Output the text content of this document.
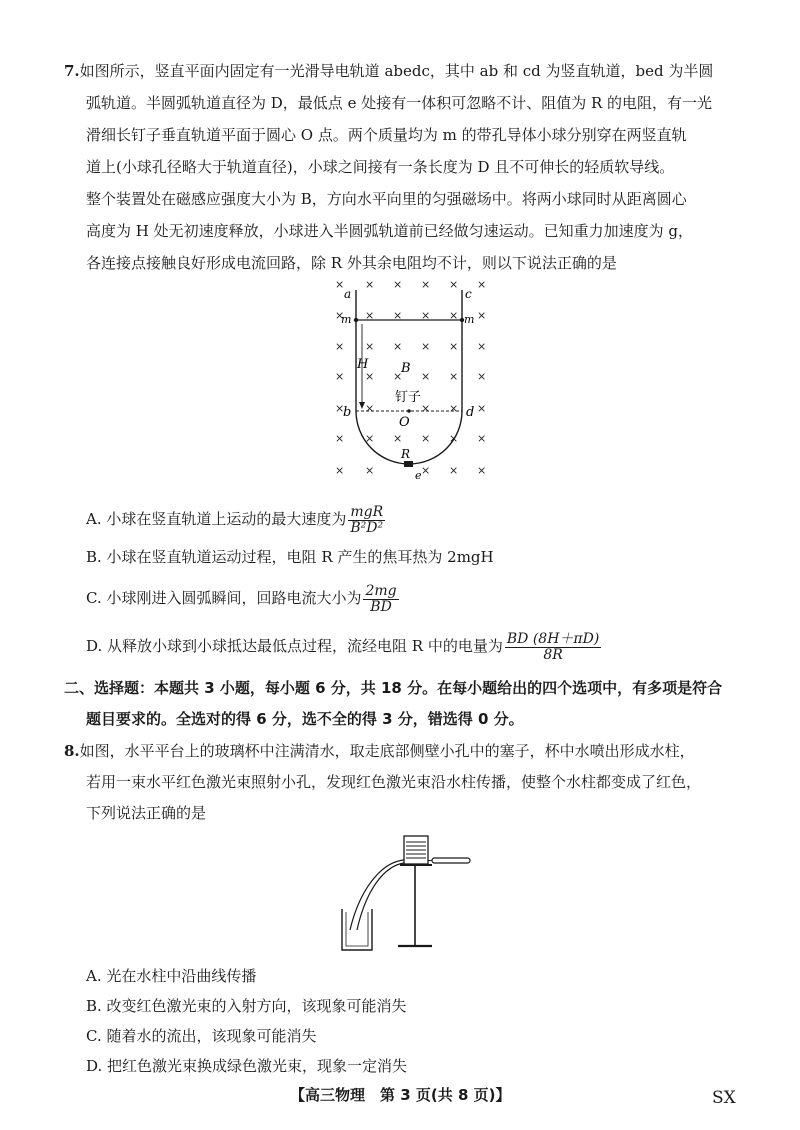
7.如图所示，竖直平面内固定有一光滑导电轨道 abedc，其中 ab 和 cd 为竖直轨道，bed 为半圆
弧轨道。半圆弧轨道直径为 D，最低点 e 处接有一体积可忽略不计、阻值为 R 的电阻，有一光
滑细长钉子垂直轨道平面于圆心 O 点。两个质量均为 m 的带孔导体小球分别穿在两竖直轨
道上(小球孔径略大于轨道直径)，小球之间接有一条长度为 D 且不可伸长的轻质软导线。
整个装置处在磁感应强度大小为 B，方向水平向里的匀强磁场中。将两小球同时从距离圆心
高度为 H 处无初速度释放，小球进入半圆弧轨道前已经做匀速运动。已知重力加速度为 g，
各连接点接触良好形成电流回路，除 R 外其余电阻均不计，则以下说法正确的是
× × × × × ×
× × × × × ×
× × × × × ×
× × × × × ×
× ×	× × ×
× × × × × ×
× ×	× × ×
a	c
m	m
H	B
钉子
O
b	d
R
e
A. 小球在竖直轨道上运动的最大速度为 $\frac{\text{mgR}}{\text{B²D²}}$
B. 小球在竖直轨道运动过程，电阻 R 产生的焦耳热为 2mgH
C. 小球刚进入圆弧瞬间，回路电流大小为 $\frac{2mg}{BD}$
D. 从释放小球到小球抵达最低点过程，流经电阻 R 中的电量为 $\frac{BD (8H+\pi D)}{8R}$
二、选择题：本题共 3 小题，每小题 6 分，共 18 分。在每小题给出的四个选项中，有多项是符合
题目要求的。全选对的得 6 分，选不全的得 3 分，错选得 0 分。
8.如图，水平平台上的玻璃杯中注满清水，取走底部侧壁小孔中的塞子，杯中水喷出形成水柱，
若用一束水平红色激光束照射小孔，发现红色激光束沿水柱传播，使整个水柱都变成了红色，
下列说法正确的是
A. 光在水柱中沿曲线传播
B. 改变红色激光束的入射方向，该现象可能消失
C. 随着水的流出，该现象可能消失
D. 把红色激光束换成绿色激光束，现象一定消失
【高三物理　第 3 页(共 8 页)】	SX
